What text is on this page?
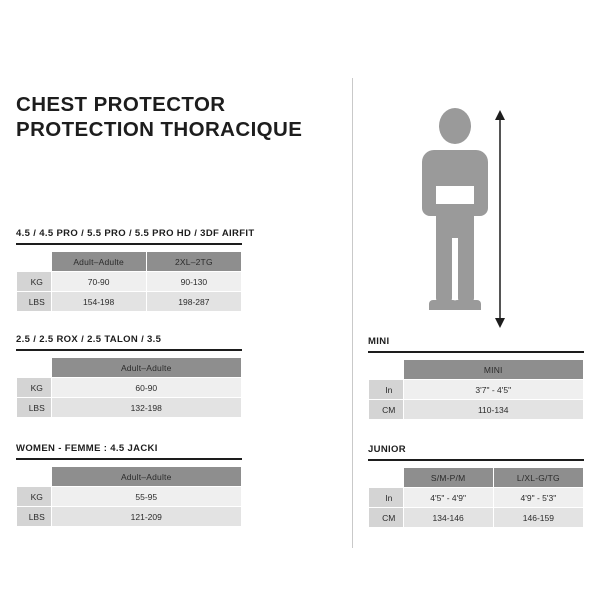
CHEST PROTECTOR
PROTECTION THORACIQUE
4.5 / 4.5 PRO / 5.5 PRO / 5.5 PRO HD / 3DF AIRFIT
	Adult–Adulte	2XL–2TG
KG	70-90	90-130
LBS	154-198	198-287
2.5 / 2.5 ROX / 2.5 TALON / 3.5
	Adult–Adulte
KG	60-90
LBS	132-198
WOMEN - FEMME : 4.5 JACKI
	Adult–Adulte
KG	55-95
LBS	121-209
MINI
	MINI
In	3'7" - 4'5"
CM	110-134
JUNIOR
	S/M-P/M	L/XL-G/TG
In	4'5" - 4'9"	4'9" - 5'3"
CM	134-146	146-159
